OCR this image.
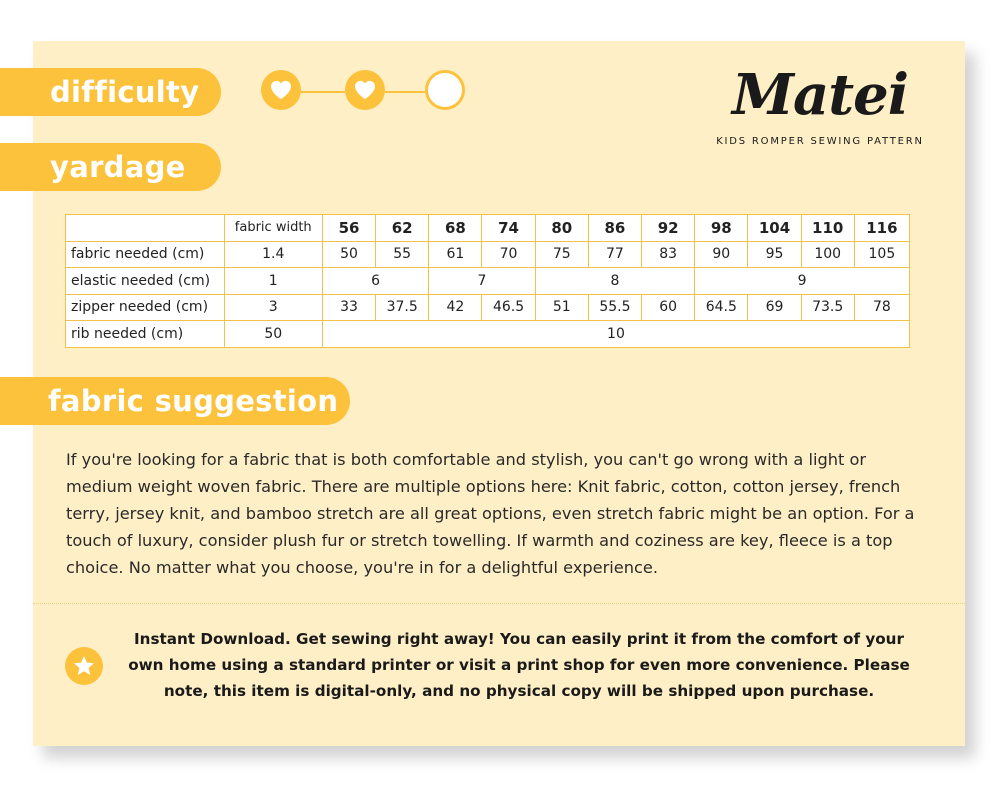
difficulty	Matei
KIDS ROMPER SEWING PATTERN
yardage
	fabric width	56	62	68	74	80	86	92	98	104	110	116
fabric needed (cm)	1.4	50	55	61	70	75	77	83	90	95	100	105
elastic needed (cm)	1	6		7		8			9			
zipper needed (cm)	3	33	37.5	42	46.5	51	55.5	60	64.5	69	73.5	78
rib needed (cm)	50	10										
fabric suggestion
If you're looking for a fabric that is both comfortable and stylish, you can't go wrong with a light or medium weight woven fabric. There are multiple options here: Knit fabric, cotton, cotton jersey, french terry, jersey knit, and bamboo stretch are all great options, even stretch fabric might be an option. For a touch of luxury, consider plush fur or stretch towelling. If warmth and coziness are key, fleece is a top choice. No matter what you choose, you're in for a delightful experience.
Instant Download. Get sewing right away! You can easily print it from the comfort of your own home using a standard printer or visit a print shop for even more convenience. Please note, this item is digital-only, and no physical copy will be shipped upon purchase.
